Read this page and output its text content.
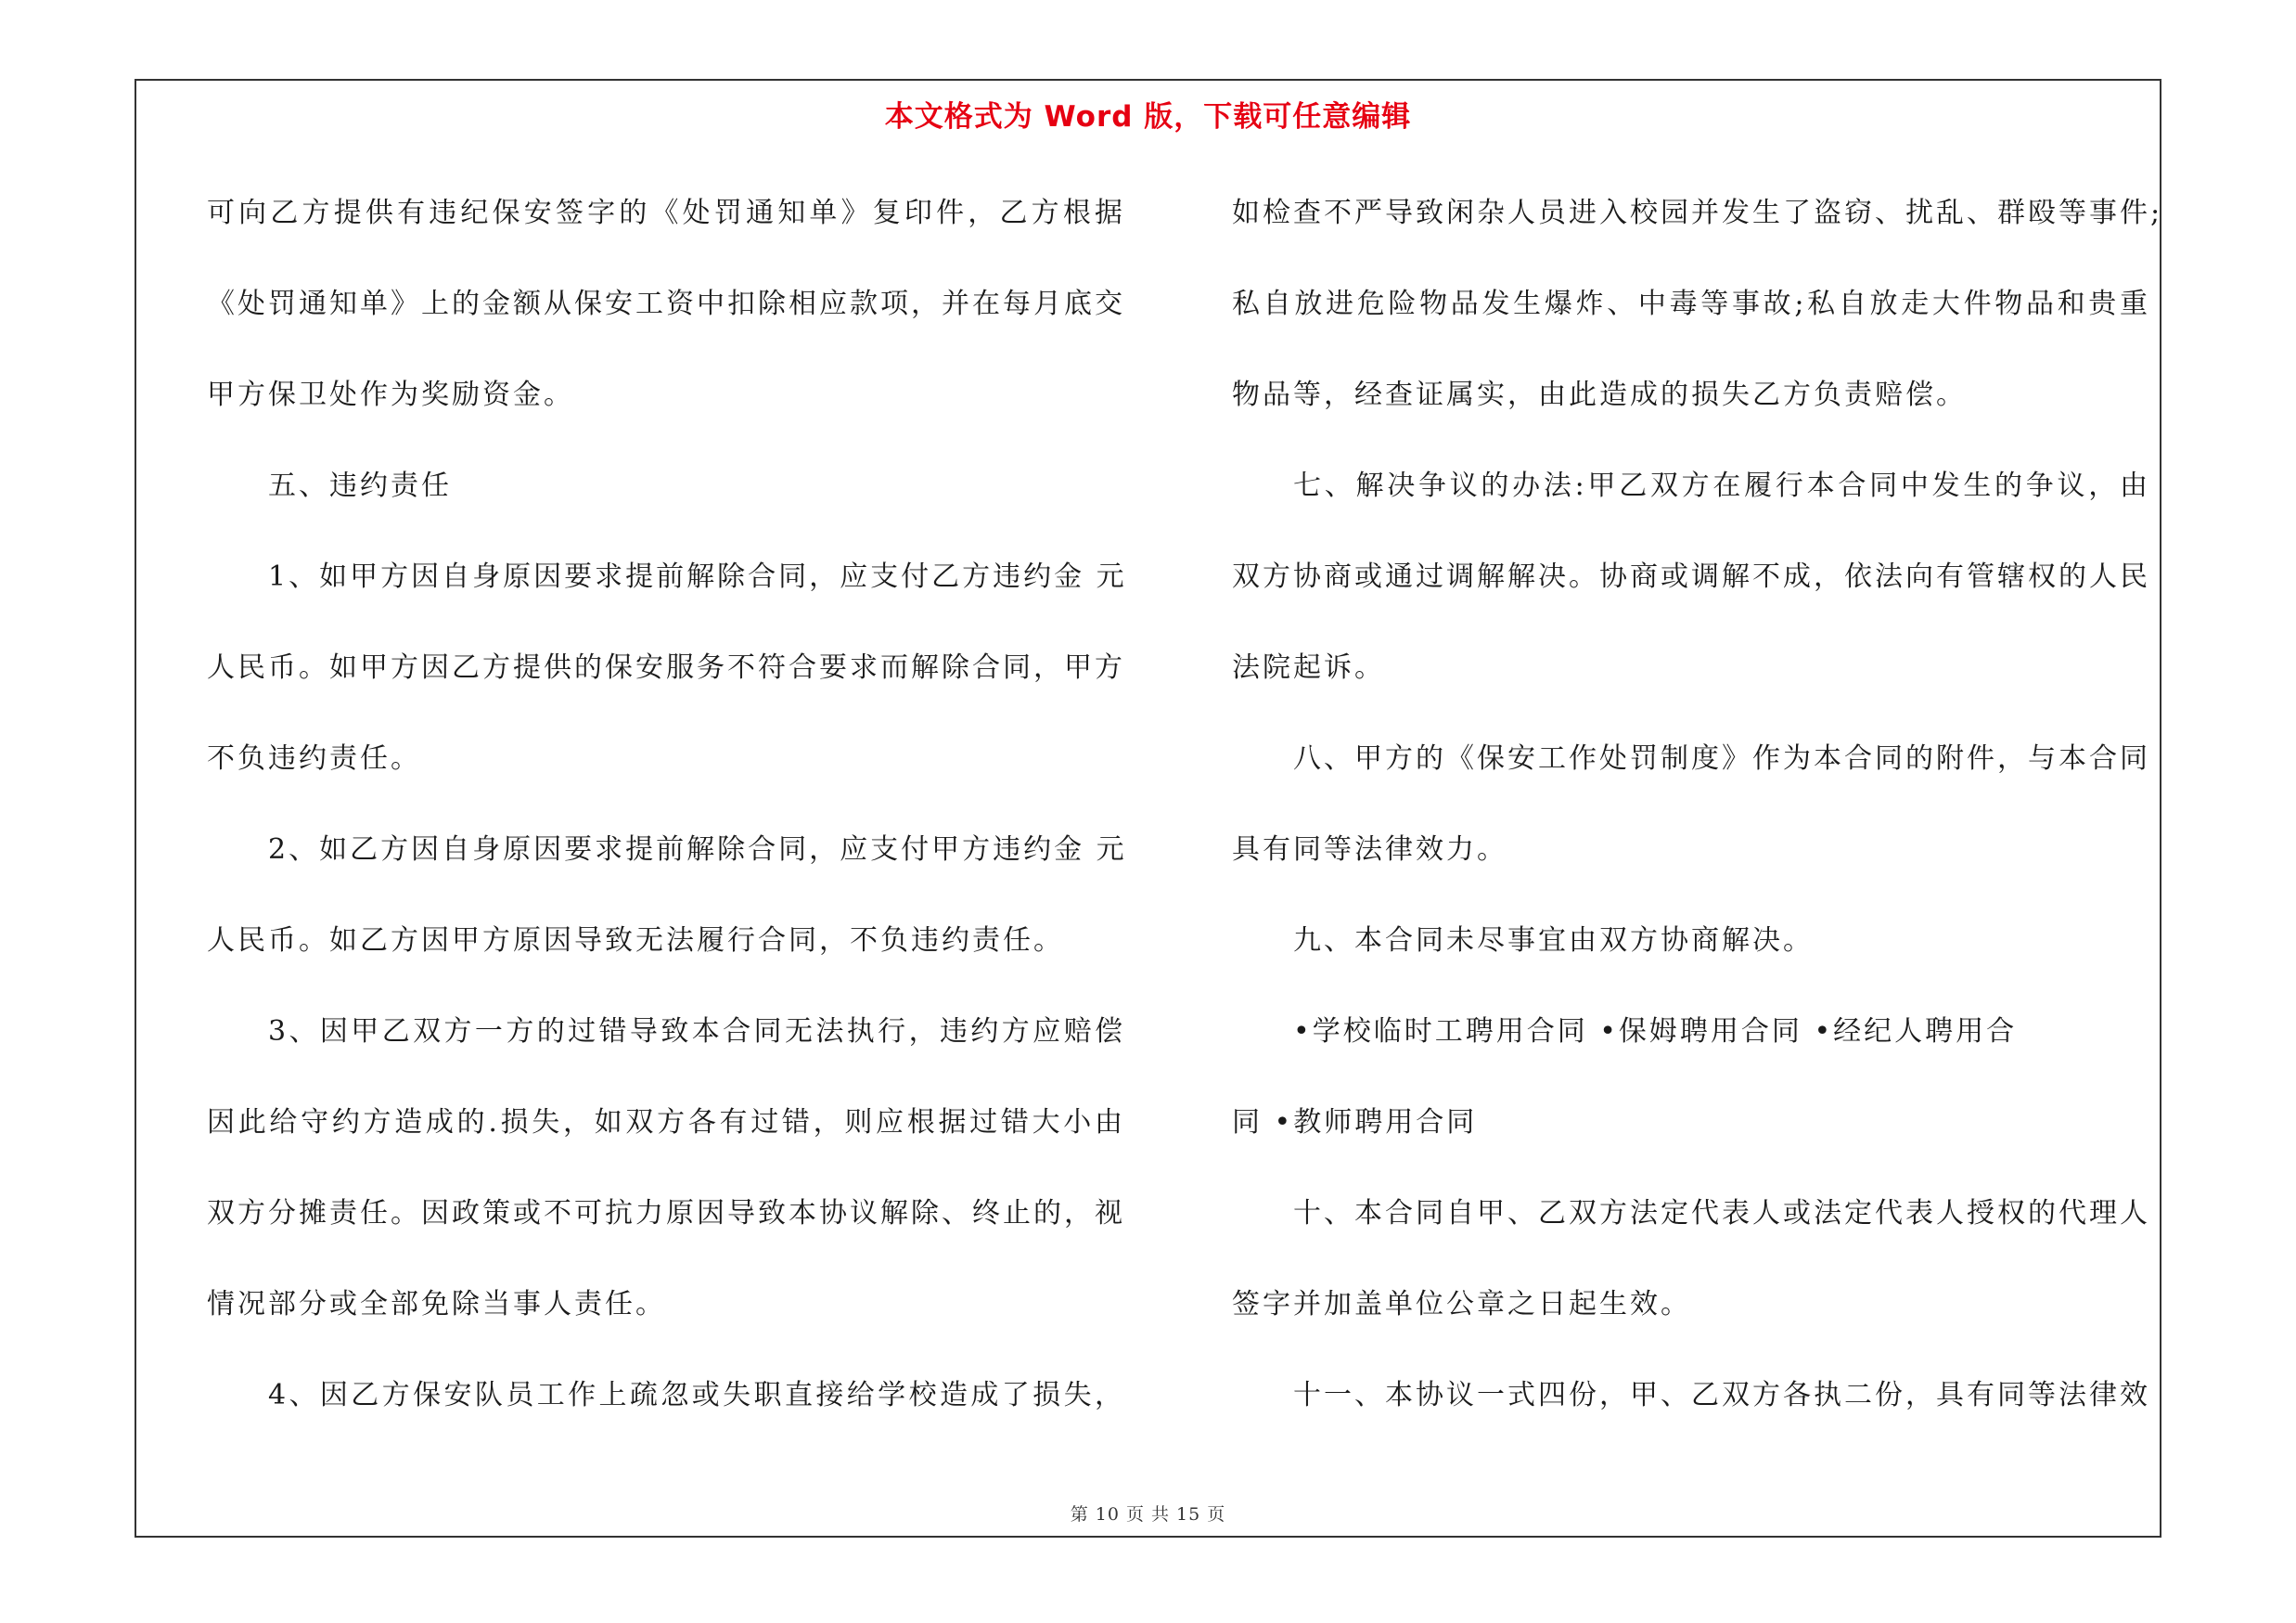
本文格式为 Word 版，下载可任意编辑
可向乙方提供有违纪保安签字的《处罚通知单》复印件，乙方根据
《处罚通知单》上的金额从保安工资中扣除相应款项，并在每月底交
甲方保卫处作为奖励资金。
五、违约责任
1、如甲方因自身原因要求提前解除合同，应支付乙方违约金 元
人民币。如甲方因乙方提供的保安服务不符合要求而解除合同，甲方
不负违约责任。
2、如乙方因自身原因要求提前解除合同，应支付甲方违约金 元
人民币。如乙方因甲方原因导致无法履行合同，不负违约责任。
3、因甲乙双方一方的过错导致本合同无法执行，违约方应赔偿
因此给守约方造成的.损失，如双方各有过错，则应根据过错大小由
双方分摊责任。因政策或不可抗力原因导致本协议解除、终止的，视
情况部分或全部免除当事人责任。
4、因乙方保安队员工作上疏忽或失职直接给学校造成了损失，
如检查不严导致闲杂人员进入校园并发生了盗窃、扰乱、群殴等事件;
私自放进危险物品发生爆炸、中毒等事故;私自放走大件物品和贵重
物品等，经查证属实，由此造成的损失乙方负责赔偿。
七、解决争议的办法:甲乙双方在履行本合同中发生的争议，由
双方协商或通过调解解决。协商或调解不成，依法向有管辖权的人民
法院起诉。
八、甲方的《保安工作处罚制度》作为本合同的附件，与本合同
具有同等法律效力。
九、本合同未尽事宜由双方协商解决。
•学校临时工聘用合同 •保姆聘用合同 •经纪人聘用合
同 •教师聘用合同
十、本合同自甲、乙双方法定代表人或法定代表人授权的代理人
签字并加盖单位公章之日起生效。
十一、本协议一式四份，甲、乙双方各执二份，具有同等法律效
第 10 页 共 15 页
